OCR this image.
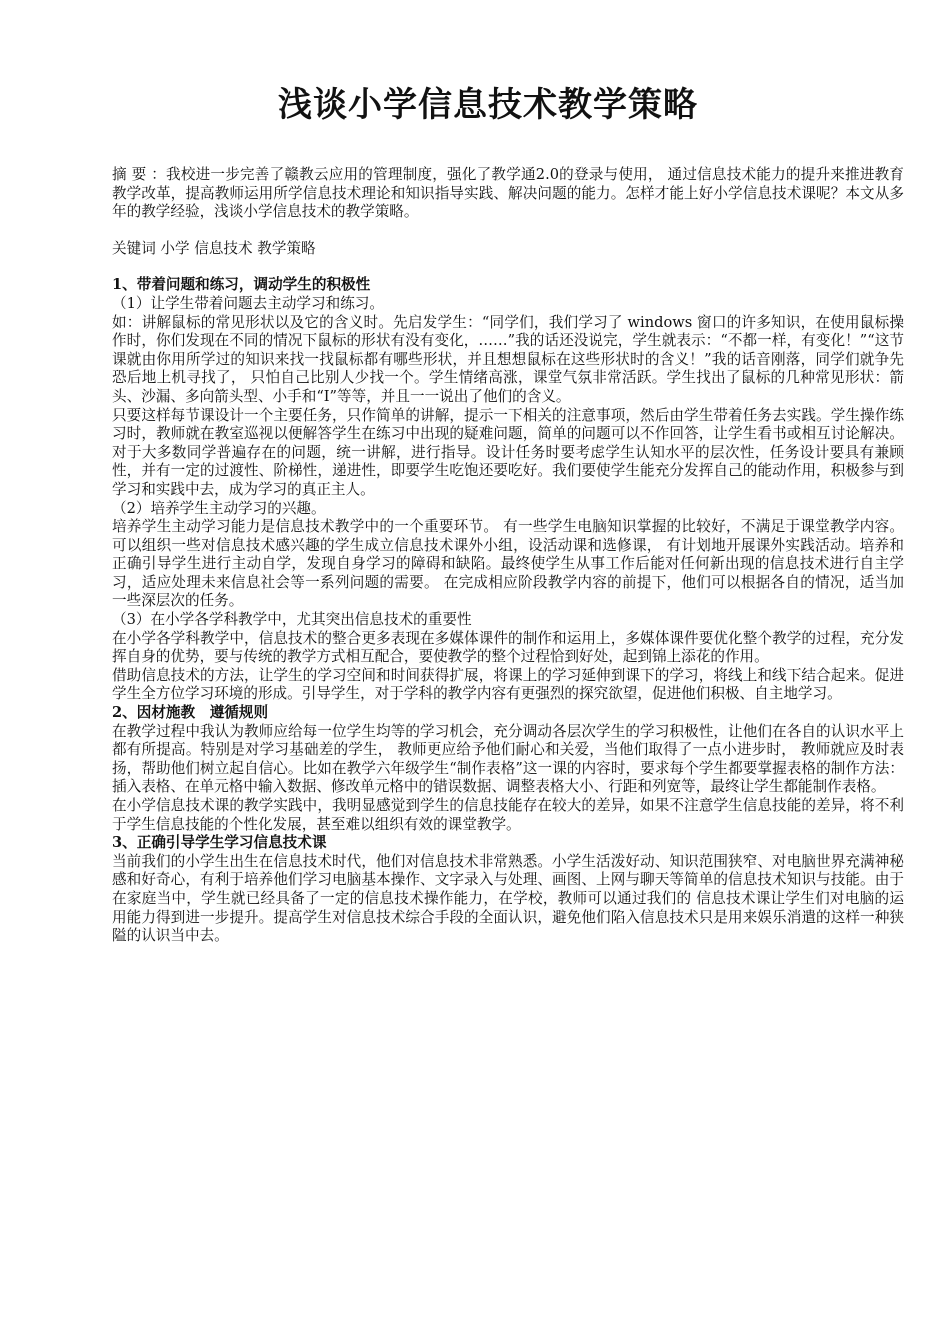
浅谈小学信息技术教学策略

摘 要 ：我校进一步完善了赣教云应用的管理制度，强化了教学通2.0的登录与使用， 通过信息技术能力的提升来推进教育教学改革，提高教师运用所学信息技术理论和知识指导实践、解决问题的能力。怎样才能上好小学信息技术课呢？本文从多年的教学经验，浅谈小学信息技术的教学策略。

关键词 小学 信息技术 教学策略

1、带着问题和练习，调动学生的积极性

（1）让学生带着问题去主动学习和练习。

如：讲解鼠标的常见形状以及它的含义时。先启发学生：“同学们，我们学习了 windows 窗口的许多知识，在使用鼠标操作时，你们发现在不同的情况下鼠标的形状有没有变化，……”我的话还没说完，学生就表示：“不都一样，有变化！”“这节课就由你用所学过的知识来找一找鼠标都有哪些形状，并且想想鼠标在这些形状时的含义！”我的话音刚落，同学们就争先恐后地上机寻找了， 只怕自己比别人少找一个。学生情绪高涨，课堂气氛非常活跃。学生找出了鼠标的几种常见形状：箭头、沙漏、多向箭头型、小手和“I”等等，并且一一说出了他们的含义。

只要这样每节课设计一个主要任务，只作简单的讲解，提示一下相关的注意事项，然后由学生带着任务去实践。学生操作练习时，教师就在教室巡视以便解答学生在练习中出现的疑难问题，简单的问题可以不作回答，让学生看书或相互讨论解决。对于大多数同学普遍存在的问题，统一讲解，进行指导。设计任务时要考虑学生认知水平的层次性，任务设计要具有兼顾性，并有一定的过渡性、阶梯性，递进性，即要学生吃饱还要吃好。我们要使学生能充分发挥自己的能动作用，积极参与到学习和实践中去，成为学习的真正主人。

（2）培养学生主动学习的兴趣。

培养学生主动学习能力是信息技术教学中的一个重要环节。 有一些学生电脑知识掌握的比较好，不满足于课堂教学内容。可以组织一些对信息技术感兴趣的学生成立信息技术课外小组，设活动课和选修课， 有计划地开展课外实践活动。培养和正确引导学生进行主动自学，发现自身学习的障碍和缺陷。最终使学生从事工作后能对任何新出现的信息技术进行自主学习，适应处理未来信息社会等一系列问题的需要。 在完成相应阶段教学内容的前提下，他们可以根据各自的情况，适当加一些深层次的任务。

（3）在小学各学科教学中，尤其突出信息技术的重要性

在小学各学科教学中，信息技术的整合更多表现在多媒体课件的制作和运用上，多媒体课件要优化整个教学的过程，充分发挥自身的优势，要与传统的教学方式相互配合，要使教学的整个过程恰到好处，起到锦上添花的作用。

借助信息技术的方法，让学生的学习空间和时间获得扩展，将课上的学习延伸到课下的学习，将线上和线下结合起来。促进学生全方位学习环境的形成。引导学生，对于学科的教学内容有更强烈的探究欲望，促进他们积极、自主地学习。

2、因材施教　遵循规则

在教学过程中我认为教师应给每一位学生均等的学习机会，充分调动各层次学生的学习积极性，让他们在各自的认识水平上都有所提高。特别是对学习基础差的学生， 教师更应给予他们耐心和关爱，当他们取得了一点小进步时， 教师就应及时表扬，帮助他们树立起自信心。比如在教学六年级学生“制作表格”这一课的内容时，要求每个学生都要掌握表格的制作方法：插入表格、在单元格中输入数据、修改单元格中的错误数据、调整表格大小、行距和列宽等，最终让学生都能制作表格。

在小学信息技术课的教学实践中，我明显感觉到学生的信息技能存在较大的差异，如果不注意学生信息技能的差异，将不利于学生信息技能的个性化发展，甚至难以组织有效的课堂教学。

3、正确引导学生学习信息技术课

当前我们的小学生出生在信息技术时代，他们对信息技术非常熟悉。小学生活泼好动、知识范围狭窄、对电脑世界充满神秘感和好奇心，有利于培养他们学习电脑基本操作、文字录入与处理、画图、上网与聊天等简单的信息技术知识与技能。由于在家庭当中，学生就已经具备了一定的信息技术操作能力，在学校，教师可以通过我们的 信息技术课让学生们对电脑的运用能力得到进一步提升。提高学生对信息技术综合手段的全面认识，避免他们陷入信息技术只是用来娱乐消遣的这样一种狭隘的认识当中去。
